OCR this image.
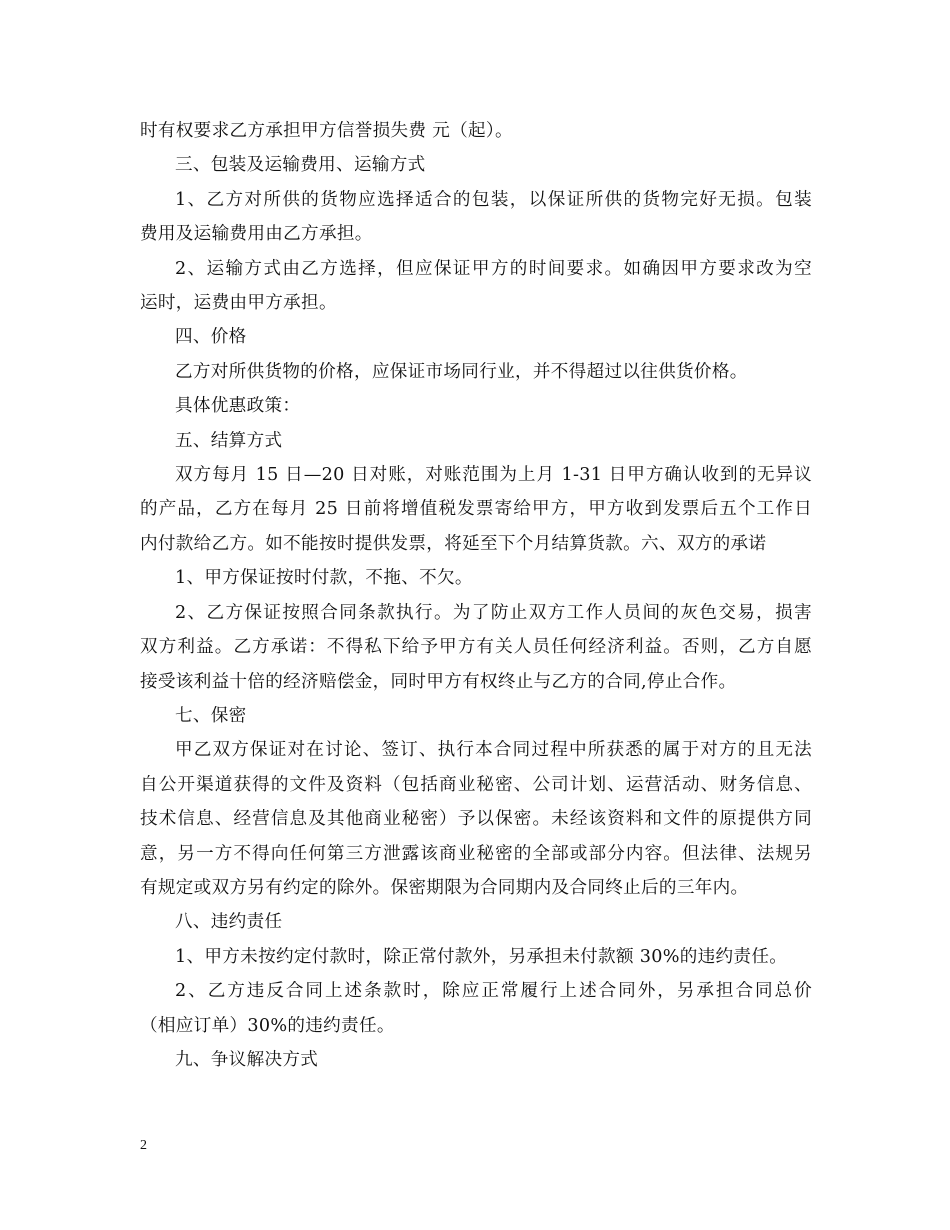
时有权要求乙方承担甲方信誉损失费 元（起）。

三、包装及运输费用、运输方式

1、乙方对所供的货物应选择适合的包装，以保证所供的货物完好无损。包装

费用及运输费用由乙方承担。

2、运输方式由乙方选择，但应保证甲方的时间要求。如确因甲方要求改为空

运时，运费由甲方承担。

四、价格

乙方对所供货物的价格，应保证市场同行业，并不得超过以往供货价格。

具体优惠政策：

五、结算方式

双方每月 15 日—20 日对账，对账范围为上月 1-31 日甲方确认收到的无异议

的产品，乙方在每月 25 日前将增值税发票寄给甲方，甲方收到发票后五个工作日

内付款给乙方。如不能按时提供发票，将延至下个月结算货款。六、双方的承诺

1、甲方保证按时付款，不拖、不欠。

2、乙方保证按照合同条款执行。为了防止双方工作人员间的灰色交易，损害

双方利益。乙方承诺：不得私下给予甲方有关人员任何经济利益。否则，乙方自愿

接受该利益十倍的经济赔偿金，同时甲方有权终止与乙方的合同,停止合作。

七、保密

甲乙双方保证对在讨论、签订、执行本合同过程中所获悉的属于对方的且无法

自公开渠道获得的文件及资料（包括商业秘密、公司计划、运营活动、财务信息、

技术信息、经营信息及其他商业秘密）予以保密。未经该资料和文件的原提供方同

意，另一方不得向任何第三方泄露该商业秘密的全部或部分内容。但法律、法规另

有规定或双方另有约定的除外。保密期限为合同期内及合同终止后的三年内。

八、违约责任

1、甲方未按约定付款时，除正常付款外，另承担未付款额 30%的违约责任。

2、乙方违反合同上述条款时，除应正常履行上述合同外，另承担合同总价

（相应订单）30%的违约责任。

九、争议解决方式

2
